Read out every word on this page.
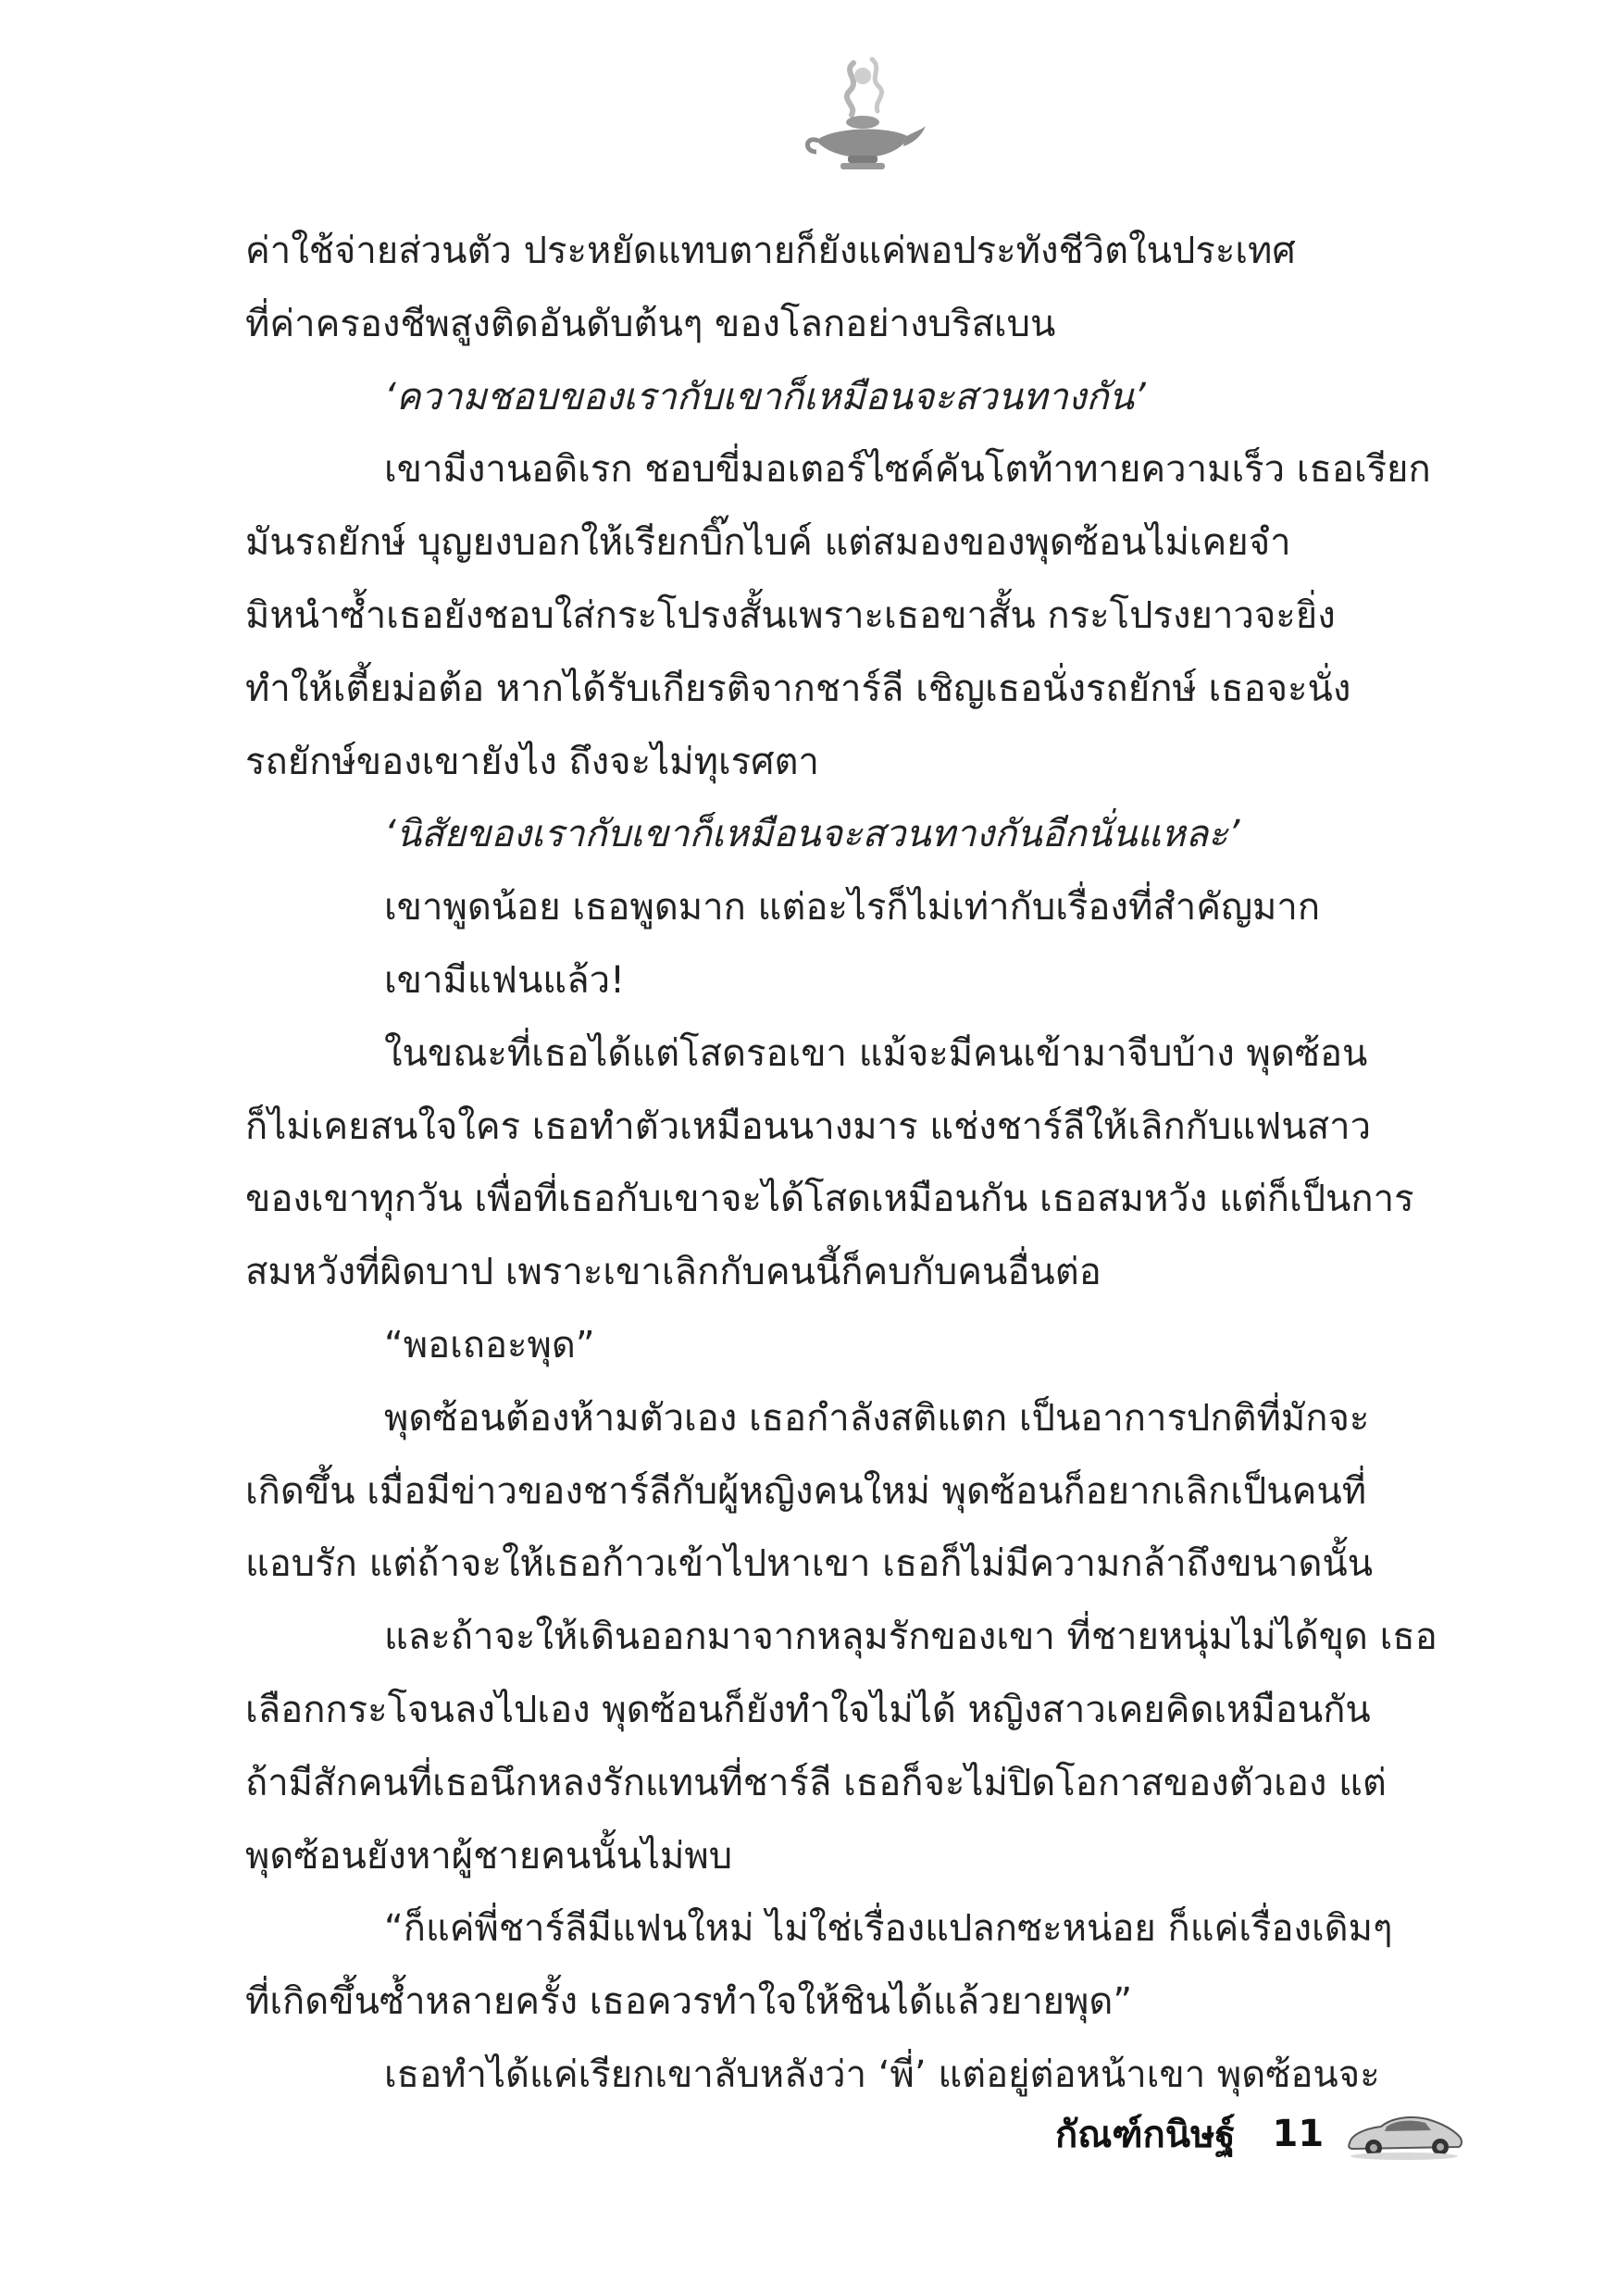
ค่าใช้จ่ายส่วนตัว ประหยัดแทบตายก็ยังแค่พอประทังชีวิตในประเทศ
ที่ค่าครองชีพสูงติดอันดับต้นๆ ของโลกอย่างบริสเบน
‘ความชอบของเรากับเขาก็เหมือนจะสวนทางกัน’
เขามีงานอดิเรก ชอบขี่มอเตอร์ไซค์คันโตท้าทายความเร็ว เธอเรียก
มันรถยักษ์ บุญยงบอกให้เรียกบิ๊กไบค์ แต่สมองของพุดซ้อนไม่เคยจำ
มิหนำซ้ำเธอยังชอบใส่กระโปรงสั้นเพราะเธอขาสั้น กระโปรงยาวจะยิ่ง
ทำให้เตี้ยม่อต้อ หากได้รับเกียรติจากชาร์ลี เชิญเธอนั่งรถยักษ์ เธอจะนั่ง
รถยักษ์ของเขายังไง ถึงจะไม่ทุเรศตา
‘นิสัยของเรากับเขาก็เหมือนจะสวนทางกันอีกนั่นแหละ’
เขาพูดน้อย เธอพูดมาก แต่อะไรก็ไม่เท่ากับเรื่องที่สำคัญมาก
เขามีแฟนแล้ว!
ในขณะที่เธอได้แต่โสดรอเขา แม้จะมีคนเข้ามาจีบบ้าง พุดซ้อน
ก็ไม่เคยสนใจใคร เธอทำตัวเหมือนนางมาร แช่งชาร์ลีให้เลิกกับแฟนสาว
ของเขาทุกวัน เพื่อที่เธอกับเขาจะได้โสดเหมือนกัน เธอสมหวัง แต่ก็เป็นการ
สมหวังที่ผิดบาป เพราะเขาเลิกกับคนนี้ก็คบกับคนอื่นต่อ
“พอเถอะพุด”
พุดซ้อนต้องห้ามตัวเอง เธอกำลังสติแตก เป็นอาการปกติที่มักจะ
เกิดขึ้น เมื่อมีข่าวของชาร์ลีกับผู้หญิงคนใหม่ พุดซ้อนก็อยากเลิกเป็นคนที่
แอบรัก แต่ถ้าจะให้เธอก้าวเข้าไปหาเขา เธอก็ไม่มีความกล้าถึงขนาดนั้น
และถ้าจะให้เดินออกมาจากหลุมรักของเขา ที่ชายหนุ่มไม่ได้ขุด เธอ
เลือกกระโจนลงไปเอง พุดซ้อนก็ยังทำใจไม่ได้ หญิงสาวเคยคิดเหมือนกัน
ถ้ามีสักคนที่เธอนึกหลงรักแทนที่ชาร์ลี เธอก็จะไม่ปิดโอกาสของตัวเอง แต่
พุดซ้อนยังหาผู้ชายคนนั้นไม่พบ
“ก็แค่พี่ชาร์ลีมีแฟนใหม่ ไม่ใช่เรื่องแปลกซะหน่อย ก็แค่เรื่องเดิมๆ
ที่เกิดขึ้นซ้ำหลายครั้ง เธอควรทำใจให้ชินได้แล้วยายพุด”
เธอทำได้แค่เรียกเขาลับหลังว่า ‘พี่’ แต่อยู่ต่อหน้าเขา พุดซ้อนจะ
กัณฑ์กนิษฐ์ 11
